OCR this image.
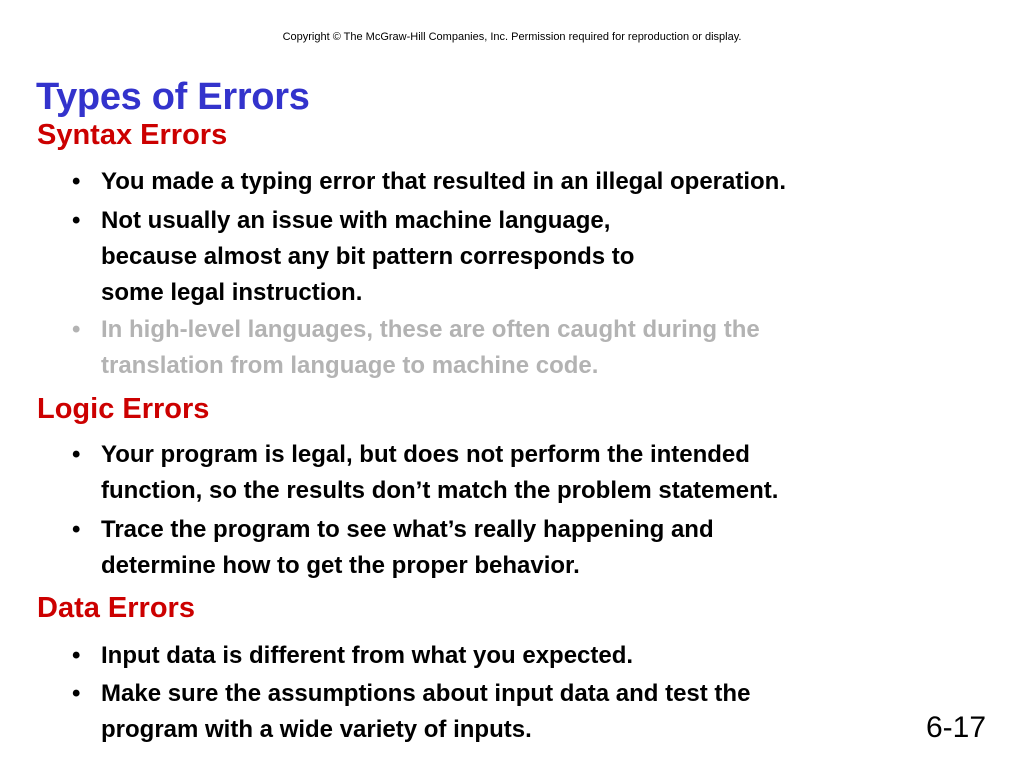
Copyright © The McGraw-Hill Companies, Inc. Permission required for reproduction or display.
Types of Errors
Syntax Errors
• You made a typing error that resulted in an illegal operation.
• Not usually an issue with machine language,
because almost any bit pattern corresponds to
some legal instruction.
• In high-level languages, these are often caught during the
translation from language to machine code.
Logic Errors
• Your program is legal, but does not perform the intended
function, so the results don’t match the problem statement.
• Trace the program to see what’s really happening and
determine how to get the proper behavior.
Data Errors
• Input data is different from what you expected.
• Make sure the assumptions about input data and test the
program with a wide variety of inputs.	6-17
